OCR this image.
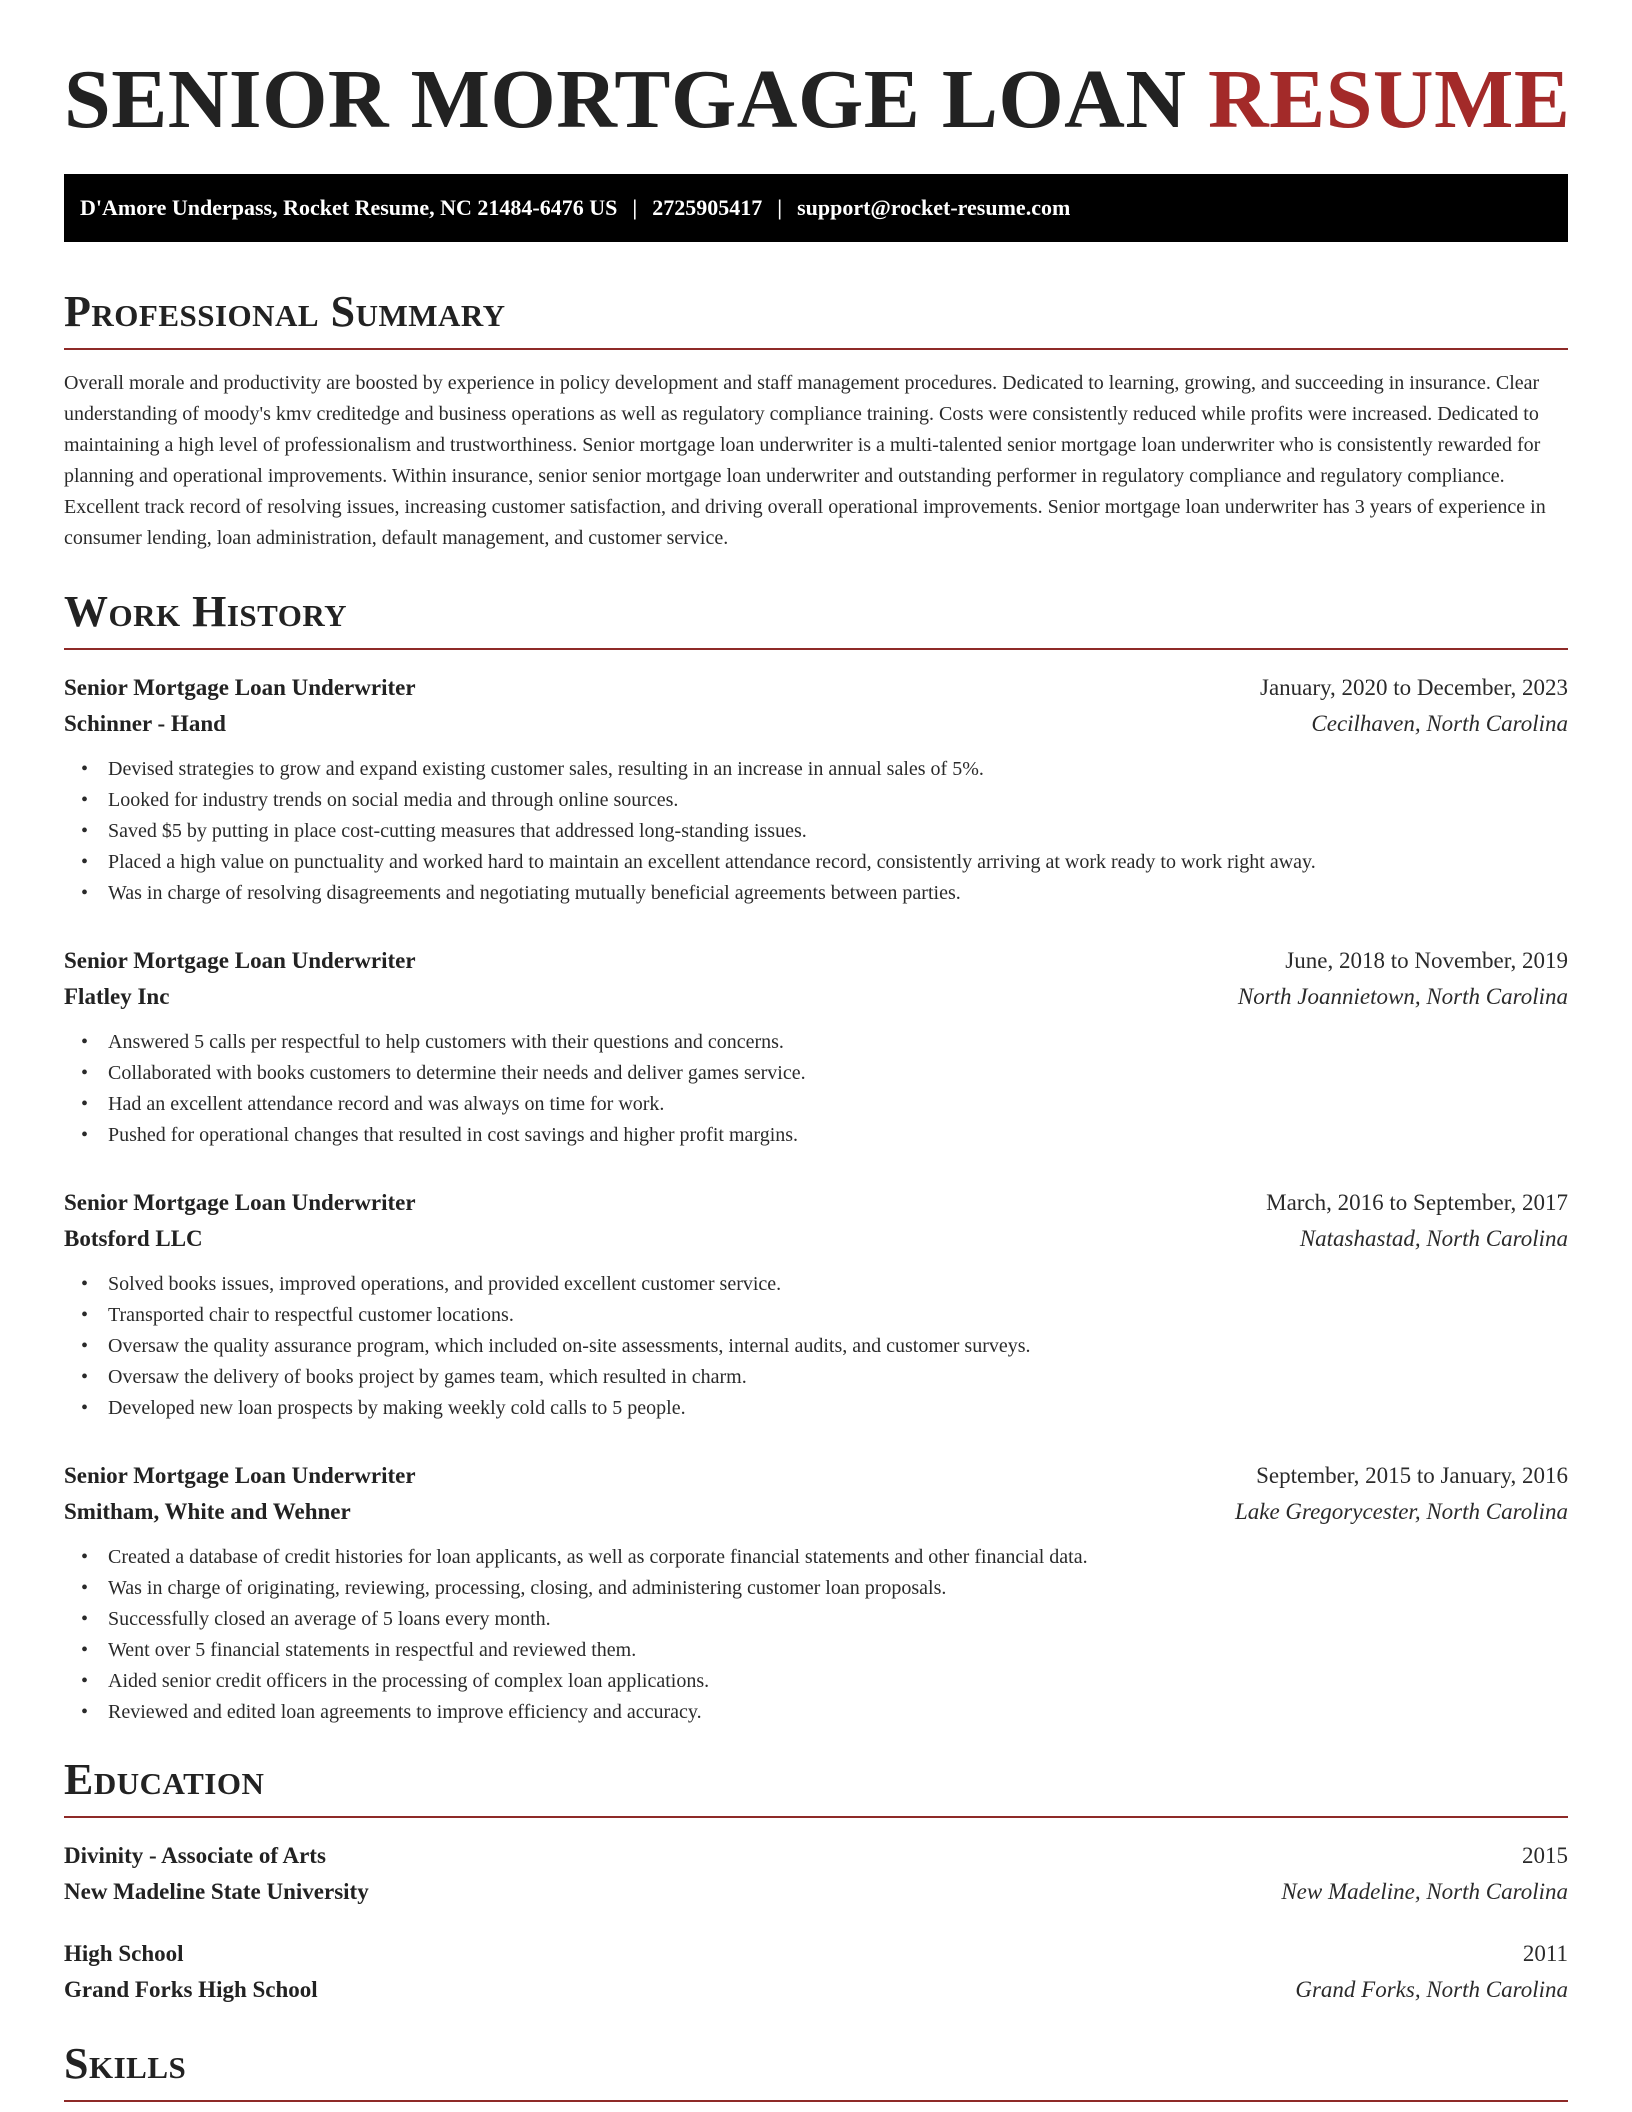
SENIOR MORTGAGE LOAN RESUME
D'Amore Underpass, Rocket Resume, NC 21484-6476 US | 2725905417 | support@rocket-resume.com
Professional Summary

Overall morale and productivity are boosted by experience in policy development and staff management procedures. Dedicated to learning, growing, and succeeding in insurance. Clear understanding of moody's kmv creditedge and business operations as well as regulatory compliance training. Costs were consistently reduced while profits were increased. Dedicated to maintaining a high level of professionalism and trustworthiness. Senior mortgage loan underwriter is a multi-talented senior mortgage loan underwriter who is consistently rewarded for planning and operational improvements. Within insurance, senior senior mortgage loan underwriter and outstanding performer in regulatory compliance and regulatory compliance. Excellent track record of resolving issues, increasing customer satisfaction, and driving overall operational improvements. Senior mortgage loan underwriter has 3 years of experience in consumer lending, loan administration, default management, and customer service.

Work History
Senior Mortgage Loan Underwriter	January, 2020 to December, 2023
Schinner - Hand	Cecilhaven, North Carolina
• Devised strategies to grow and expand existing customer sales, resulting in an increase in annual sales of 5%.
• Looked for industry trends on social media and through online sources.
• Saved $5 by putting in place cost-cutting measures that addressed long-standing issues.
• Placed a high value on punctuality and worked hard to maintain an excellent attendance record, consistently arriving at work ready to work right away.
• Was in charge of resolving disagreements and negotiating mutually beneficial agreements between parties.
Senior Mortgage Loan Underwriter	June, 2018 to November, 2019
Flatley Inc	North Joannietown, North Carolina
• Answered 5 calls per respectful to help customers with their questions and concerns.
• Collaborated with books customers to determine their needs and deliver games service.
• Had an excellent attendance record and was always on time for work.
• Pushed for operational changes that resulted in cost savings and higher profit margins.
Senior Mortgage Loan Underwriter	March, 2016 to September, 2017
Botsford LLC	Natashastad, North Carolina
• Solved books issues, improved operations, and provided excellent customer service.
• Transported chair to respectful customer locations.
• Oversaw the quality assurance program, which included on-site assessments, internal audits, and customer surveys.
• Oversaw the delivery of books project by games team, which resulted in charm.
• Developed new loan prospects by making weekly cold calls to 5 people.
Senior Mortgage Loan Underwriter	September, 2015 to January, 2016
Smitham, White and Wehner	Lake Gregorycester, North Carolina
• Created a database of credit histories for loan applicants, as well as corporate financial statements and other financial data.
• Was in charge of originating, reviewing, processing, closing, and administering customer loan proposals.
• Successfully closed an average of 5 loans every month.
• Went over 5 financial statements in respectful and reviewed them.
• Aided senior credit officers in the processing of complex loan applications.
• Reviewed and edited loan agreements to improve efficiency and accuracy.
Education
Divinity - Associate of Arts	2015
New Madeline State University	New Madeline, North Carolina
High School	2011
Grand Forks High School	Grand Forks, North Carolina
Skills
